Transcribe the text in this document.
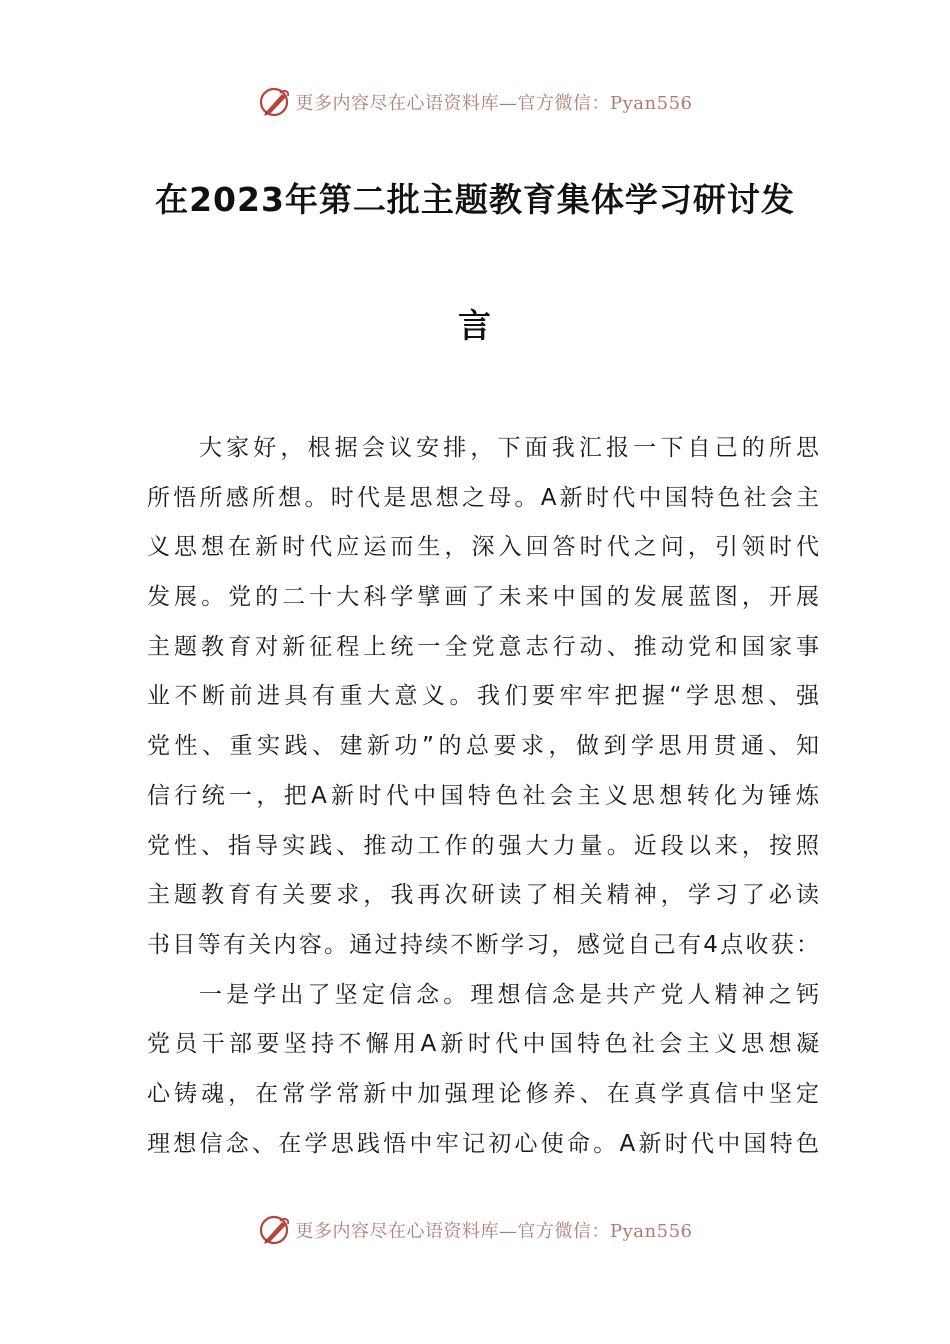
更多内容尽在心语资料库—官方微信：Pyan556
在2023年第二批主题教育集体学习研讨发
言
大家好，根据会议安排，下面我汇报一下自己的所思
所悟所感所想。时代是思想之母。A新时代中国特色社会主
义思想在新时代应运而生，深入回答时代之问，引领时代
发展。党的二十大科学擘画了未来中国的发展蓝图，开展
主题教育对新征程上统一全党意志行动、推动党和国家事
业不断前进具有重大意义。我们要牢牢把握“学思想、强
党性、重实践、建新功”的总要求，做到学思用贯通、知
信行统一，把A新时代中国特色社会主义思想转化为锤炼
党性、指导实践、推动工作的强大力量。近段以来，按照
主题教育有关要求，我再次研读了相关精神，学习了必读
书目等有关内容。通过持续不断学习，感觉自己有4点收获：
一是学出了坚定信念。理想信念是共产党人精神之钙
党员干部要坚持不懈用A新时代中国特色社会主义思想凝
心铸魂，在常学常新中加强理论修养、在真学真信中坚定
理想信念、在学思践悟中牢记初心使命。A新时代中国特色
更多内容尽在心语资料库—官方微信：Pyan556
